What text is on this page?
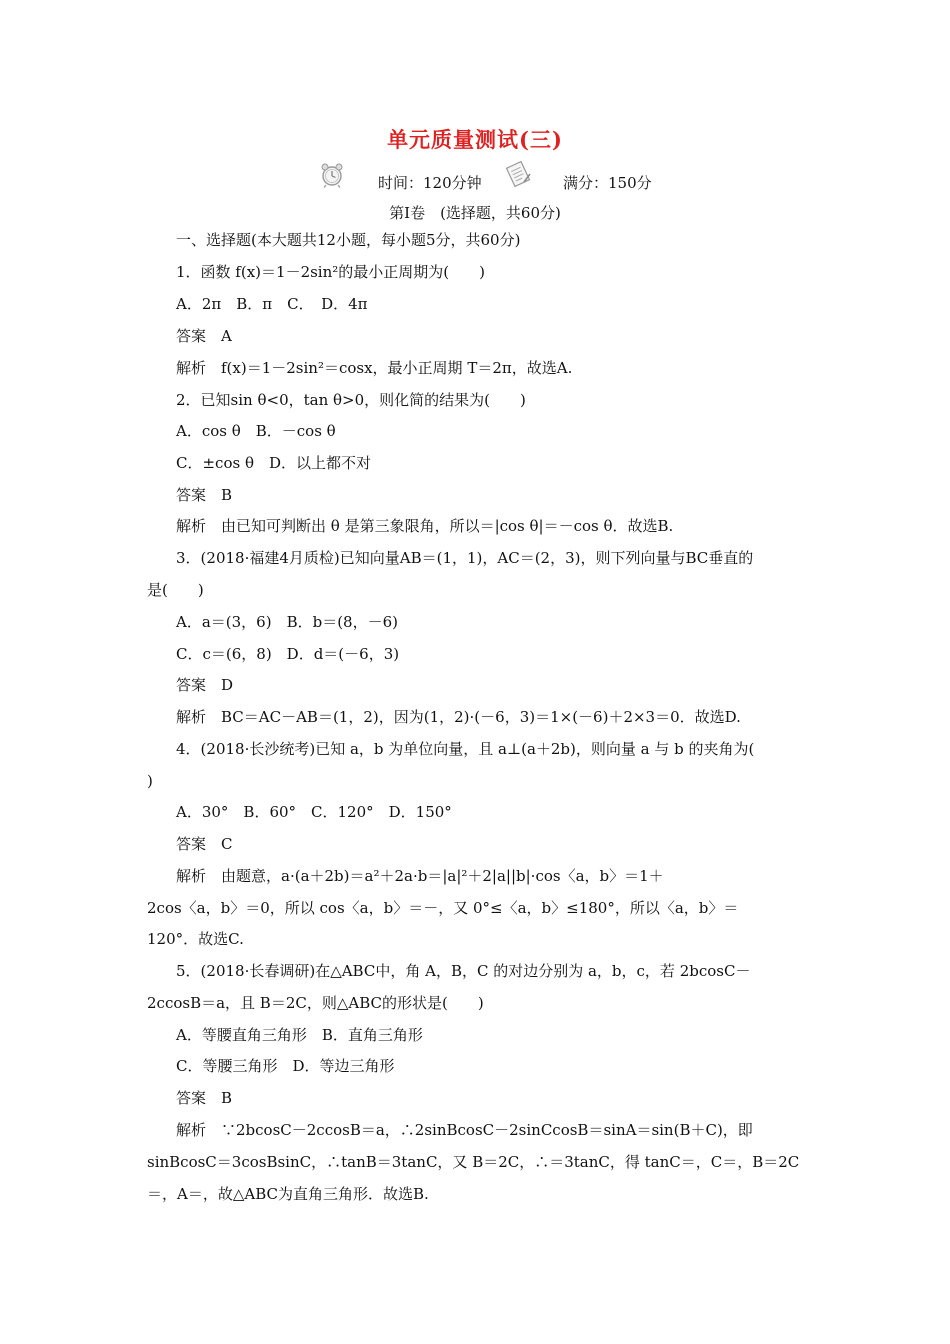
单元质量测试(三)
时间：120分钟	满分：150分
第Ⅰ卷　(选择题，共60分)
一、选择题(本大题共12小题，每小题5分，共60分)
1．函数 f(x)＝1－2sin²的最小正周期为(　　)
A．2π　B．π　C．　D．4π
答案　A
解析　f(x)＝1－2sin²＝cosx，最小正周期 T＝2π，故选A.
2．已知sin θ<0，tan θ>0，则化简的结果为(　　)
A．cos θ　B．－cos θ
C．±cos θ　D．以上都不对
答案　B
解析　由已知可判断出 θ 是第三象限角，所以＝|cos θ|＝－cos θ．故选B.
3．(2018·福建4月质检)已知向量AB＝(1，1)，AC＝(2，3)，则下列向量与BC垂直的
是(　　)
A．a＝(3，6)　B．b＝(8，－6)
C．c＝(6，8)　D．d＝(－6，3)
答案　D
解析　BC＝AC－AB＝(1，2)，因为(1，2)·(－6，3)＝1×(－6)＋2×3＝0．故选D.
4．(2018·长沙统考)已知 a，b 为单位向量，且 a⊥(a＋2b)，则向量 a 与 b 的夹角为(
)
A．30°　B．60°　C．120°　D．150°
答案　C
解析　由题意，a·(a＋2b)＝a²＋2a·b＝|a|²＋2|a||b|·cos〈a，b〉＝1＋
2cos〈a，b〉＝0，所以 cos〈a，b〉＝－，又 0°≤〈a，b〉≤180°，所以〈a，b〉＝
120°．故选C.
5．(2018·长春调研)在△ABC中，角 A，B，C 的对边分别为 a，b，c，若 2bcosC－
2ccosB＝a，且 B＝2C，则△ABC的形状是(　　)
A．等腰直角三角形　B．直角三角形
C．等腰三角形　D．等边三角形
答案　B
解析　∵2bcosC－2ccosB＝a，∴2sinBcosC－2sinCcosB＝sinA＝sin(B＋C)，即
sinBcosC＝3cosBsinC，∴tanB＝3tanC，又 B＝2C，∴＝3tanC，得 tanC＝，C＝，B＝2C
＝，A＝，故△ABC为直角三角形．故选B.
